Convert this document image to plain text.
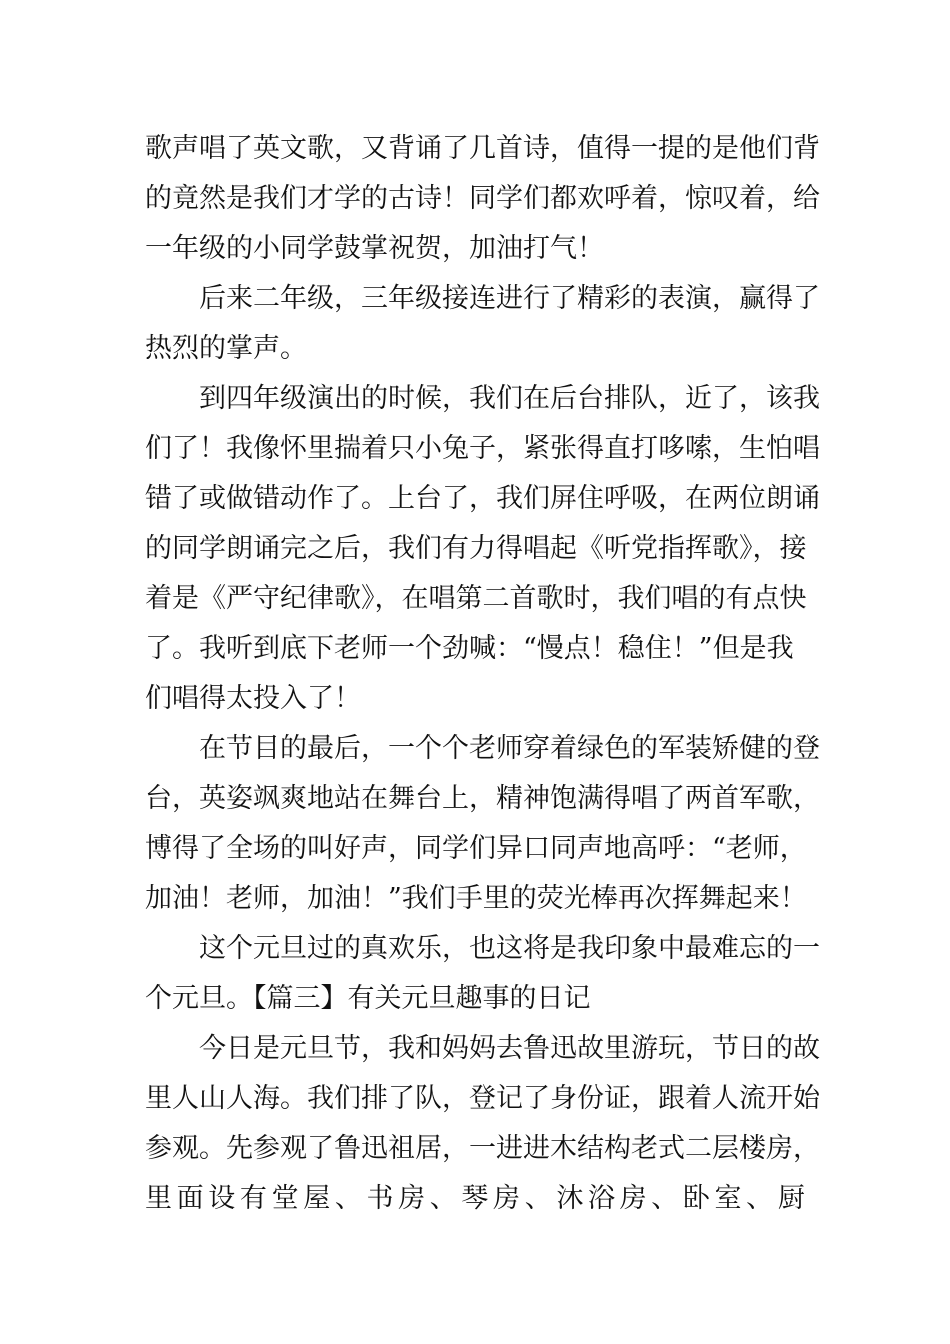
歌声唱了英文歌，又背诵了几首诗，值得一提的是他们背
的竟然是我们才学的古诗！同学们都欢呼着，惊叹着，给
一年级的小同学鼓掌祝贺，加油打气！
后来二年级，三年级接连进行了精彩的表演，赢得了
热烈的掌声。
到四年级演出的时候，我们在后台排队，近了，该我
们了！我像怀里揣着只小兔子，紧张得直打哆嗦，生怕唱
错了或做错动作了。上台了，我们屏住呼吸，在两位朗诵
的同学朗诵完之后，我们有力得唱起《听党指挥歌》，接
着是《严守纪律歌》，在唱第二首歌时，我们唱的有点快
了。我听到底下老师一个劲喊：“慢点！稳住！”但是我
们唱得太投入了！
在节目的最后，一个个老师穿着绿色的军装矫健的登
台，英姿飒爽地站在舞台上，精神饱满得唱了两首军歌，
博得了全场的叫好声，同学们异口同声地高呼：“老师，
加油！老师，加油！”我们手里的荧光棒再次挥舞起来！
这个元旦过的真欢乐，也这将是我印象中最难忘的一
个元旦。【篇三】有关元旦趣事的日记
今日是元旦节，我和妈妈去鲁迅故里游玩，节日的故
里人山人海。我们排了队，登记了身份证，跟着人流开始
参观。先参观了鲁迅祖居，一进进木结构老式二层楼房，
里 面 设 有 堂 屋 、 书 房 、 琴 房 、 沐 浴 房 、 卧 室 、 厨
